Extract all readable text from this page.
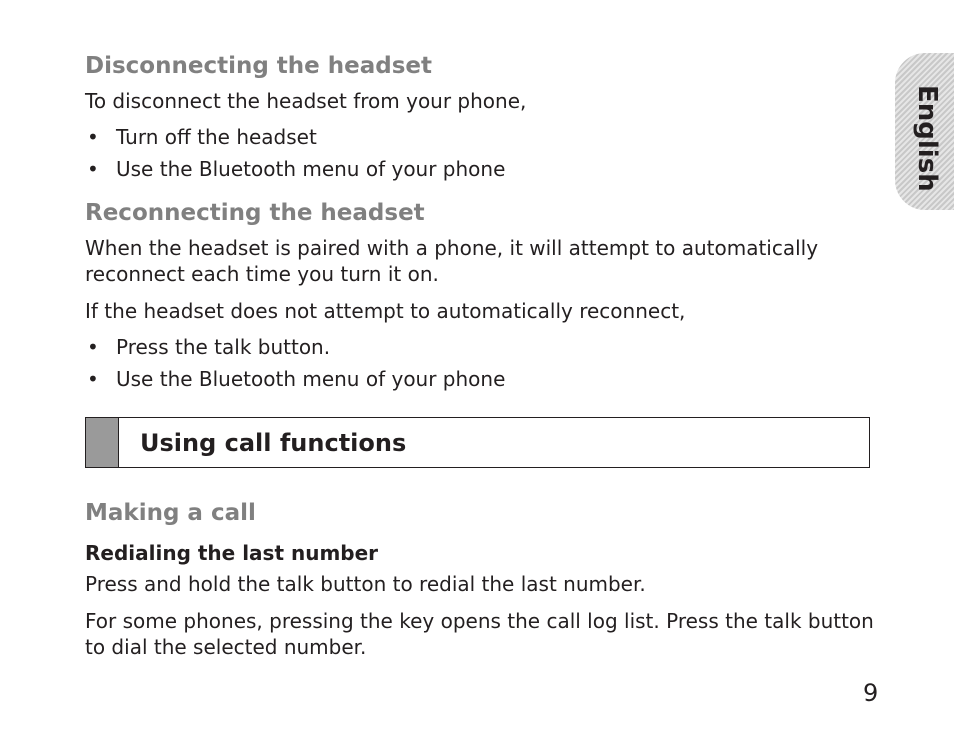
English
Disconnecting the headset

To disconnect the headset from your phone,

• Turn off the headset
• Use the Bluetooth menu of your phone
Reconnecting the headset

When the headset is paired with a phone, it will attempt to automatically reconnect each time you turn it on.

If the headset does not attempt to automatically reconnect,

• Press the talk button.
• Use the Bluetooth menu of your phone
Making a call
Redialing the last number

Press and hold the talk button to redial the last number.

For some phones, pressing the key opens the call log list. Press the talk button to dial the selected number.

Using call functions

9
